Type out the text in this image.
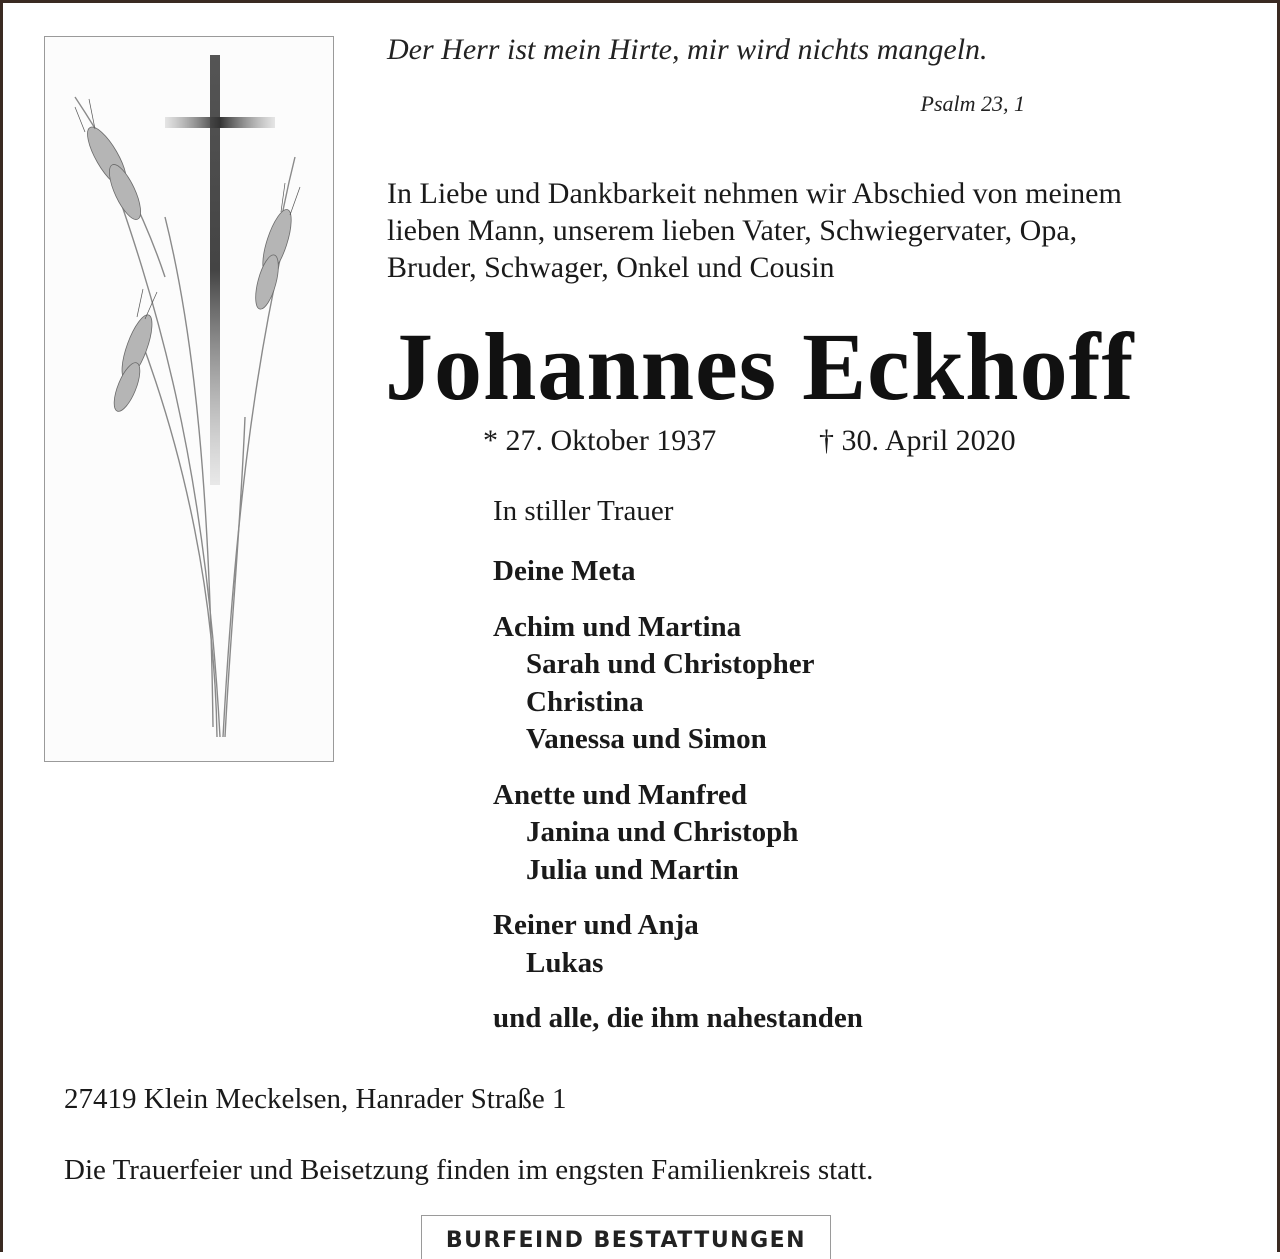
Der Herr ist mein Hirte, mir wird nichts mangeln.
Psalm 23, 1
In Liebe und Dankbarkeit nehmen wir Abschied von meinem
lieben Mann, unserem lieben Vater, Schwiegervater, Opa,
Bruder, Schwager, Onkel und Cousin
Johannes Eckhoff
* 27. Oktober 1937	† 30. April 2020
In stiller Trauer
Deine Meta
Achim und Martina
Sarah und Christopher
Christina
Vanessa und Simon
Anette und Manfred
Janina und Christoph
Julia und Martin
Reiner und Anja
Lukas
und alle, die ihm nahestanden
27419 Klein Meckelsen, Hanrader Straße 1
Die Trauerfeier und Beisetzung finden im engsten Familienkreis statt.
BURFEIND BESTATTUNGEN
